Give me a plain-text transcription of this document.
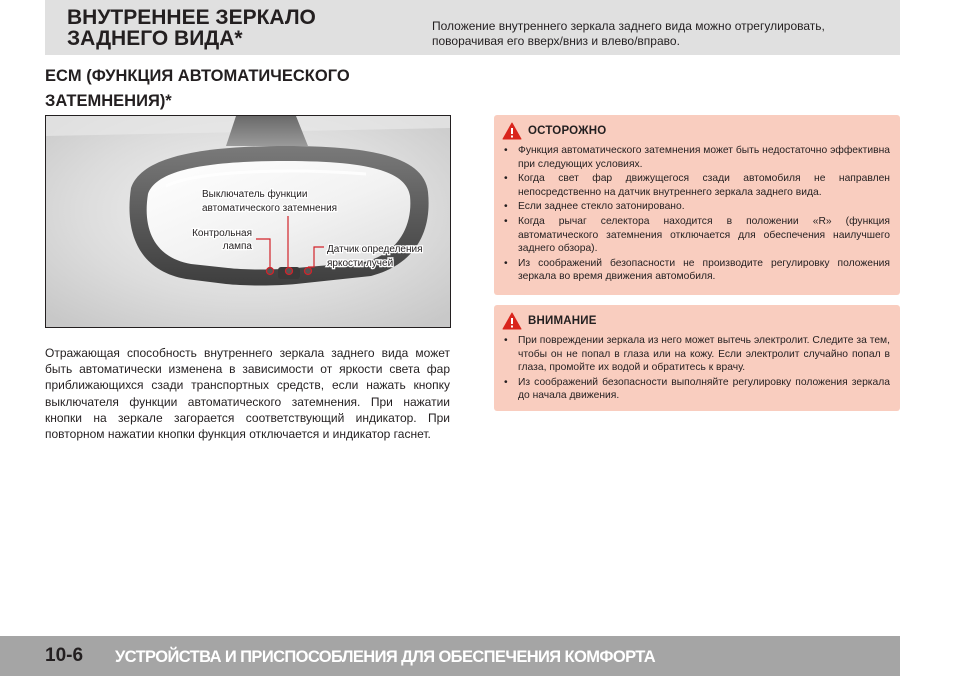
ВНУТРЕННЕЕ ЗЕРКАЛО ЗАДНЕГО ВИДА*
Положение внутреннего зеркала заднего вида можно отрегулировать, поворачивая его вверх/вниз и влево/вправо.
ECM (ФУНКЦИЯ АВТОМАТИЧЕСКОГО ЗАТЕМНЕНИЯ)*
Выключатель функции
автоматического затемнения
Контрольная
лампа	Датчик определения
яркости лучей
Отражающая способность внутреннего зеркала заднего вида может быть автоматически изменена в зависимости от яркости света фар приближающихся сзади транспортных средств, если нажать кнопку выключателя функции автоматического затемнения. При нажатии кнопки на зеркале загорается соответствующий индикатор. При повторном нажатии кнопки функция отключается и индикатор гаснет.
ОСТОРОЖНО
• Функция автоматического затемнения может быть недостаточно эффективна при следующих условиях.
• Когда свет фар движущегося сзади автомобиля не направлен непосредственно на датчик внутреннего зеркала заднего вида.
• Если заднее стекло затонировано.
• Когда рычаг селектора находится в положении «R» (функция автоматического затемнения отключается для обеспечения наилучшего заднего обзора).
• Из соображений безопасности не производите регулировку положения зеркала во время движения автомобиля.
ВНИМАНИЕ
• При повреждении зеркала из него может вытечь электролит. Следите за тем, чтобы он не попал в глаза или на кожу. Если электролит случайно попал в глаза, промойте их водой и обратитесь к врачу.
• Из соображений безопасности выполняйте регулировку положения зеркала до начала движения.
10-6 УСТРОЙСТВА И ПРИСПОСОБЛЕНИЯ ДЛЯ ОБЕСПЕЧЕНИЯ КОМФОРТА
